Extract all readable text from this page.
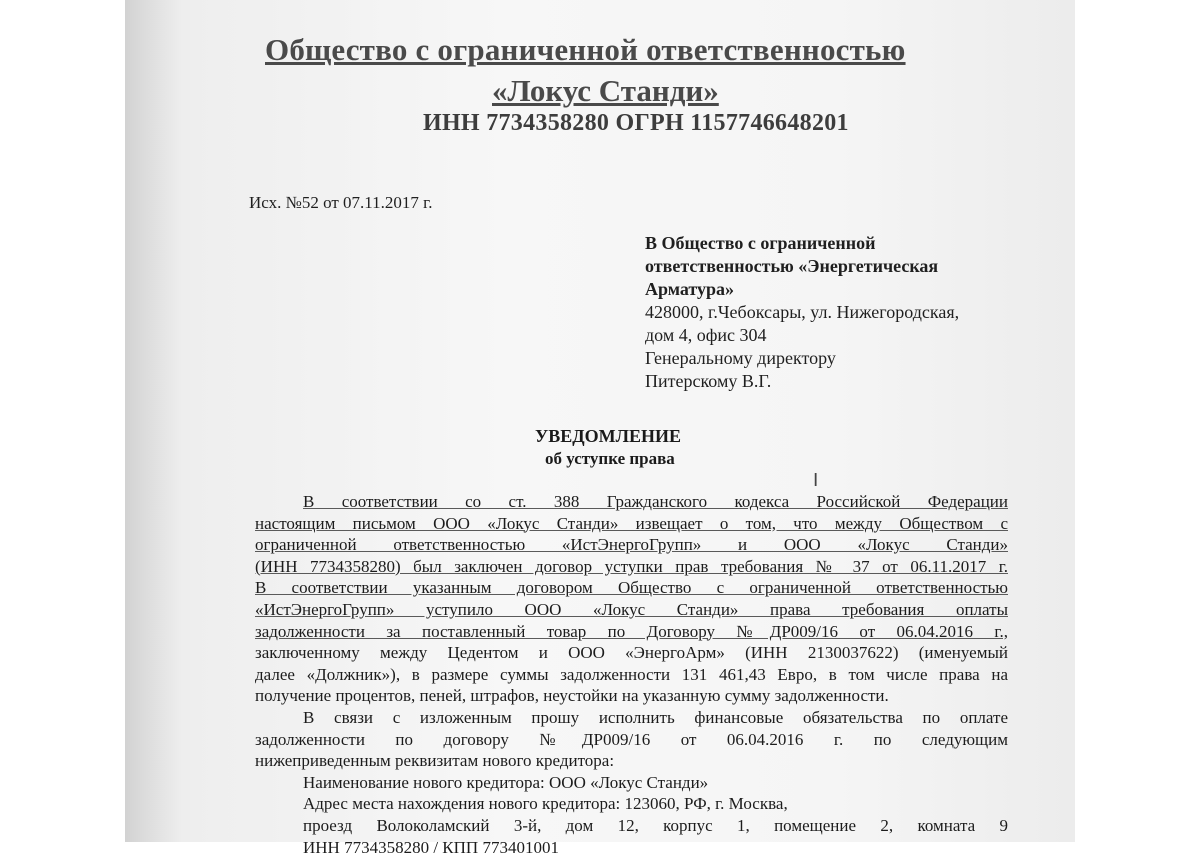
Общество с ограниченной ответственностью

«Локус Станди»

ИНН 7734358280 ОГРН 1157746648201

Исх. №52 от 07.11.2017 г.

В Общество с ограниченной
ответственностью «Энергетическая
Арматура»
428000, г.Чебоксары, ул. Нижегородская,
дом 4, офис 304
Генеральному директору
Питерскому В.Г.

УВЕДОМЛЕНИЕ

об уступке права

I
В соответствии со ст. 388 Гражданского кодекса Российской Федерации
настоящим письмом ООО «Локус Станди» извещает о том, что между Обществом с
ограниченной ответственностью «ИстЭнергоГрупп» и ООО «Локус Станди»
(ИНН 7734358280) был заключен договор уступки прав требования № 37 от 06.11.2017 г.
В соответствии указанным договором Общество с ограниченной ответственностью
«ИстЭнергоГрупп» уступило ООО «Локус Станди» права требования оплаты
задолженности за поставленный товар по Договору №ДР009/16 от 06.04.2016 г.,
заключенному между Цедентом и ООО «ЭнергоАрм» (ИНН 2130037622) (именуемый
далее «Должник»), в размере суммы задолженности 131 461,43 Евро, в том числе права на
получение процентов, пеней, штрафов, неустойки на указанную сумму задолженности.
В связи с изложенным прошу исполнить финансовые обязательства по оплате
задолженности по договору №ДР009/16 от 06.04.2016 г. по следующим
нижеприведенным реквизитам нового кредитора:
Наименование нового кредитора: ООО «Локус Станди»
Адрес места нахождения нового кредитора: 123060, РФ, г. Москва,
проезд Волоколамский 3-й, дом 12, корпус 1, помещение 2, комната 9
ИНН 7734358280 / КПП 773401001
